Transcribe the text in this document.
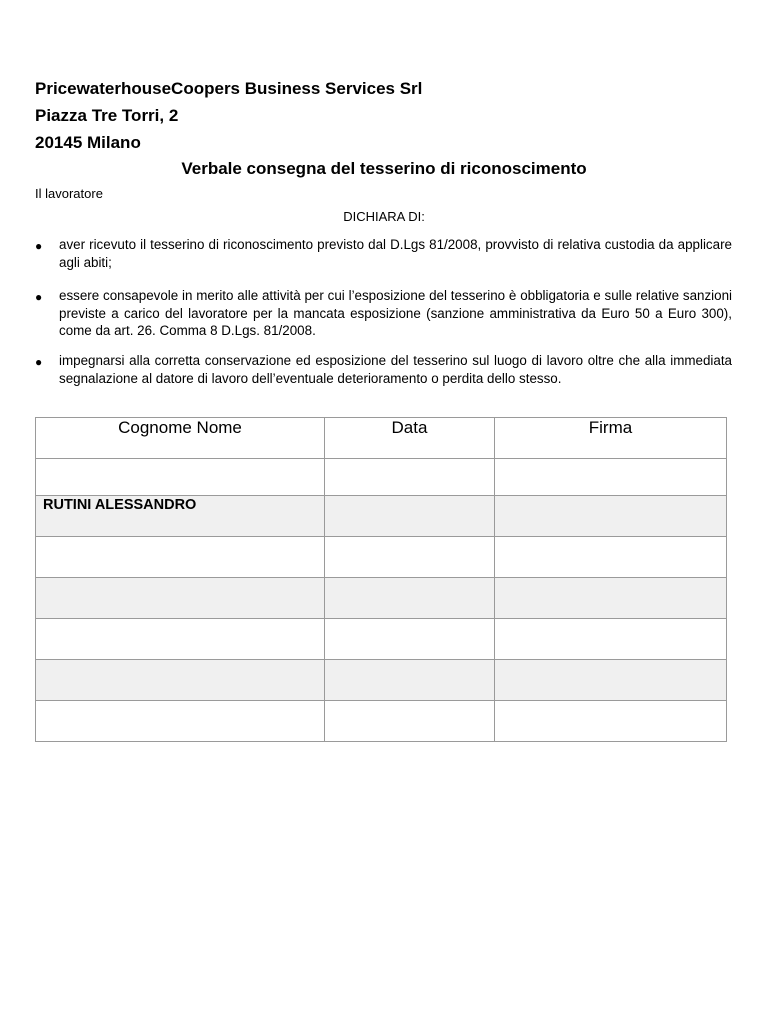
PricewaterhouseCoopers Business Services Srl
Piazza Tre Torri, 2
20145 Milano
Verbale consegna del tesserino di riconoscimento
Il lavoratore
DICHIARA DI:
● aver ricevuto il tesserino di riconoscimento previsto dal D.Lgs 81/2008, provvisto di relativa custodia da applicare agli abiti;
● essere consapevole in merito alle attività per cui l’esposizione del tesserino è obbligatoria e sulle relative sanzioni previste a carico del lavoratore per la mancata esposizione (sanzione amministrativa da Euro 50 a Euro 300), come da art. 26. Comma 8 D.Lgs. 81/2008.
● impegnarsi alla corretta conservazione ed esposizione del tesserino sul luogo di lavoro oltre che alla immediata segnalazione al datore di lavoro dell’eventuale deterioramento o perdita dello stesso.
Cognome Nome	Data	Firma

RUTINI ALESSANDRO		
